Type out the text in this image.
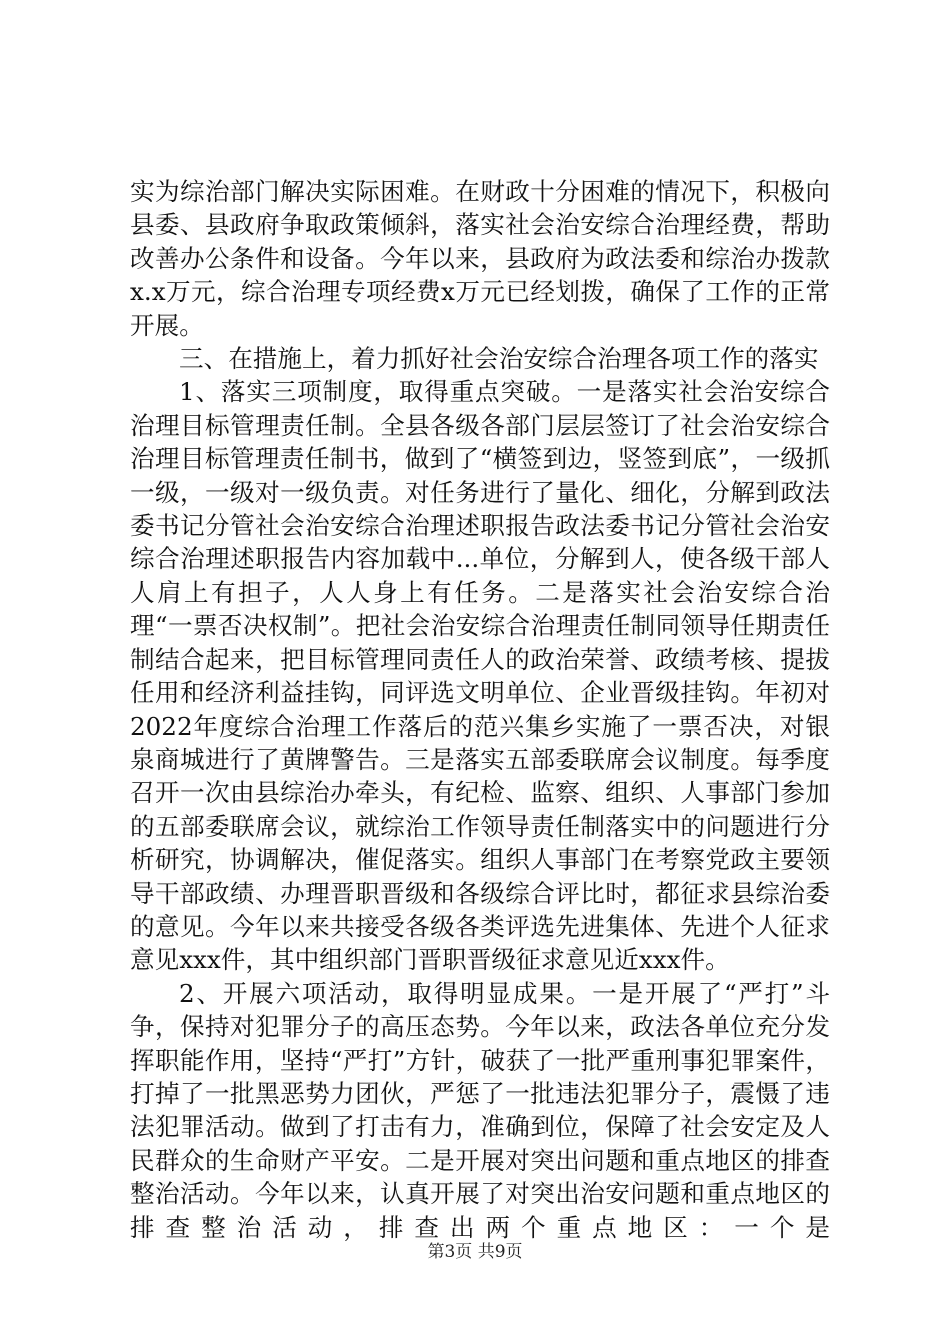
实为综治部门解决实际困难。在财政十分困难的情况下，积极向县委、县政府争取政策倾斜，落实社会治安综合治理经费，帮助改善办公条件和设备。今年以来，县政府为政法委和综治办拨款x.x万元，综合治理专项经费x万元已经划拨，确保了工作的正常开展。

三、在措施上，着力抓好社会治安综合治理各项工作的落实

1、落实三项制度，取得重点突破。一是落实社会治安综合治理目标管理责任制。全县各级各部门层层签订了社会治安综合治理目标管理责任制书，做到了“横签到边，竖签到底”，一级抓一级，一级对一级负责。对任务进行了量化、细化，分解到政法委书记分管社会治安综合治理述职报告政法委书记分管社会治安综合治理述职报告内容加载中...单位，分解到人，使各级干部人人肩上有担子，人人身上有任务。二是落实社会治安综合治理“一票否决权制”。把社会治安综合治理责任制同领导任期责任制结合起来，把目标管理同责任人的政治荣誉、政绩考核、提拔任用和经济利益挂钩，同评选文明单位、企业晋级挂钩。年初对2022年度综合治理工作落后的范兴集乡实施了一票否决，对银泉商城进行了黄牌警告。三是落实五部委联席会议制度。每季度召开一次由县综治办牵头，有纪检、监察、组织、人事部门参加的五部委联席会议，就综治工作领导责任制落实中的问题进行分析研究，协调解决，催促落实。组织人事部门在考察党政主要领导干部政绩、办理晋职晋级和各级综合评比时，都征求县综治委的意见。今年以来共接受各级各类评选先进集体、先进个人征求意见xxx件，其中组织部门晋职晋级征求意见近xxx件。

2、开展六项活动，取得明显成果。一是开展了“严打”斗争，保持对犯罪分子的高压态势。今年以来，政法各单位充分发挥职能作用，坚持“严打”方针，破获了一批严重刑事犯罪案件，打掉了一批黑恶势力团伙，严惩了一批违法犯罪分子，震慑了违法犯罪活动。做到了打击有力，准确到位，保障了社会安定及人民群众的生命财产平安。二是开展对突出问题和重点地区的排查整治活动。今年以来，认真开展了对突出治安问题和重点地区的排查整治活动，排查出两个重点地区：一个是

第3页 共9页
